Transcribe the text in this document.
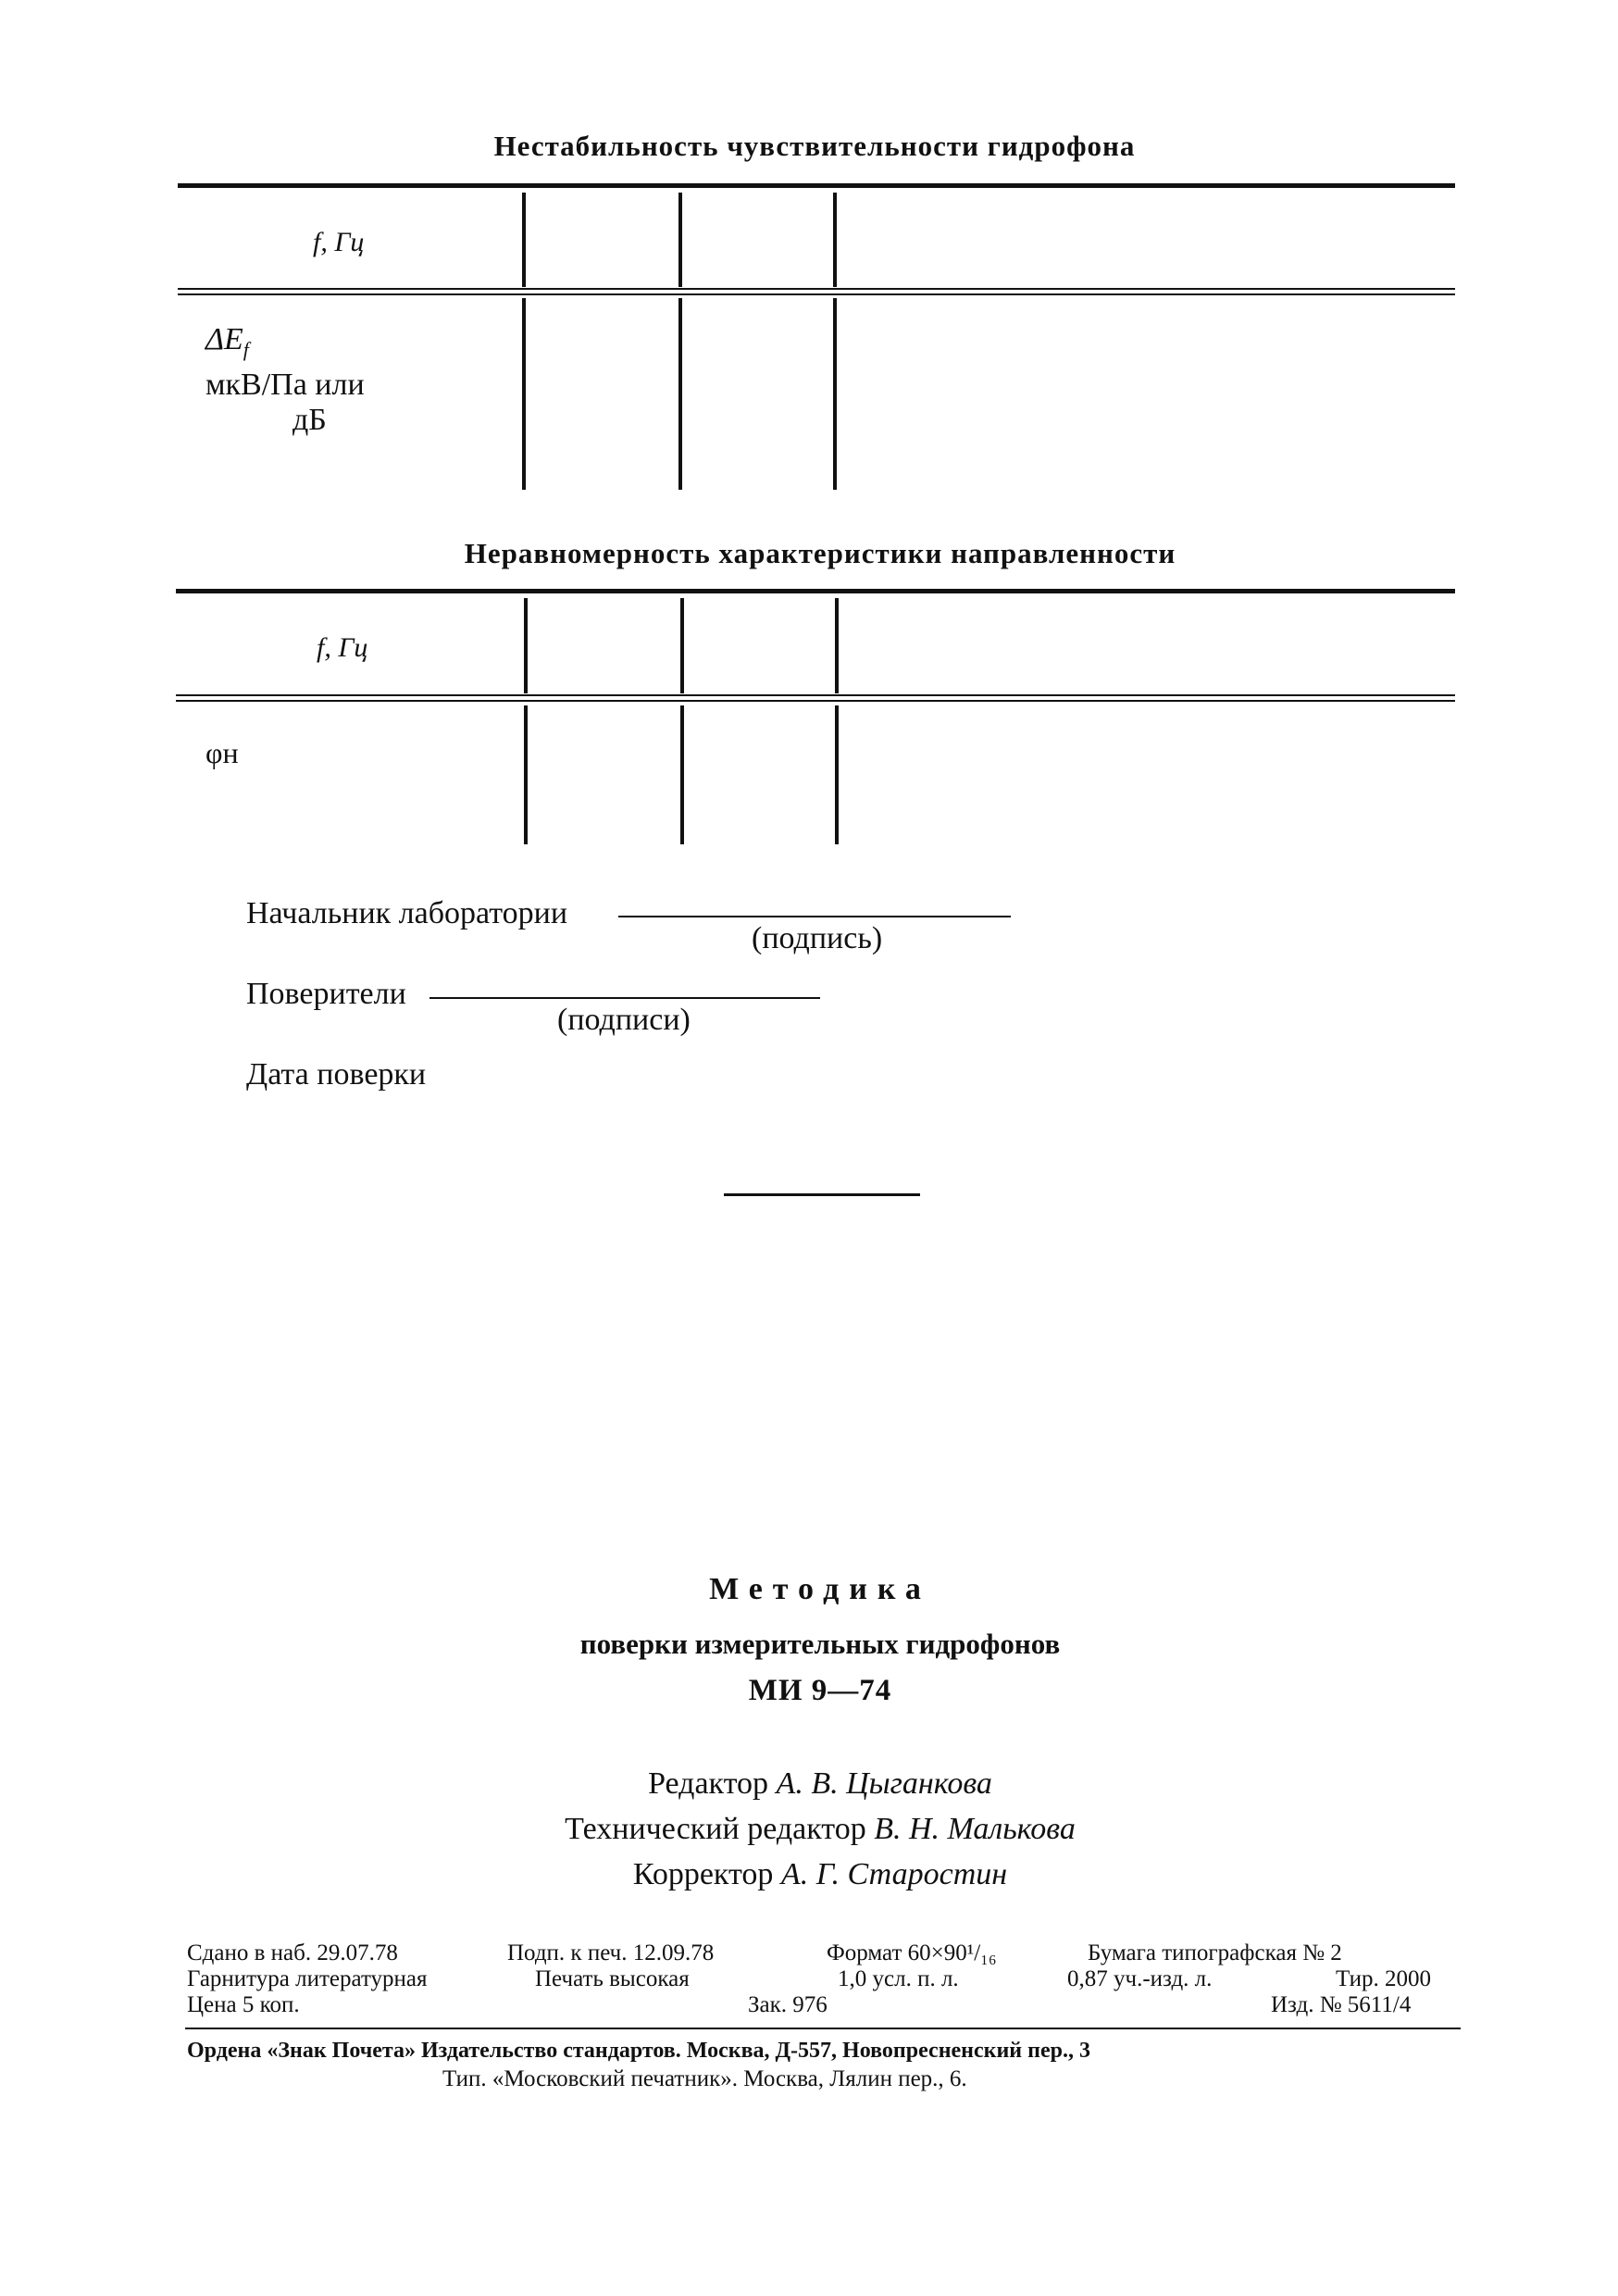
Нестабильность чувствительности гидрофона
f, Гц
$\Delta E_f$
мкВ/Па или
дБ
Неравномерность характеристики направленности
f, Гц
φн
Начальник лаборатории
(подпись)
Поверители
(подписи)
Дата поверки
Методика
поверки измерительных гидрофонов
МИ 9—74
Редактор А. В. Цыганкова
Технический редактор В. Н. Малькова
Корректор А. Г. Старостин
Сдано в наб. 29.07.78	Подп. к печ. 12.09.78	Формат 60×90¹/₁₆	Бумага типографская № 2
Гарнитура литературная	Печать высокая	1,0 усл. п. л.	0,87 уч.-изд. л.	Тир. 2000
Цена 5 коп.	Зак. 976	Изд. № 5611/4
Ордена «Знак Почета» Издательство стандартов. Москва, Д-557, Новопресненский пер., 3
Тип. «Московский печатник». Москва, Лялин пер., 6.
